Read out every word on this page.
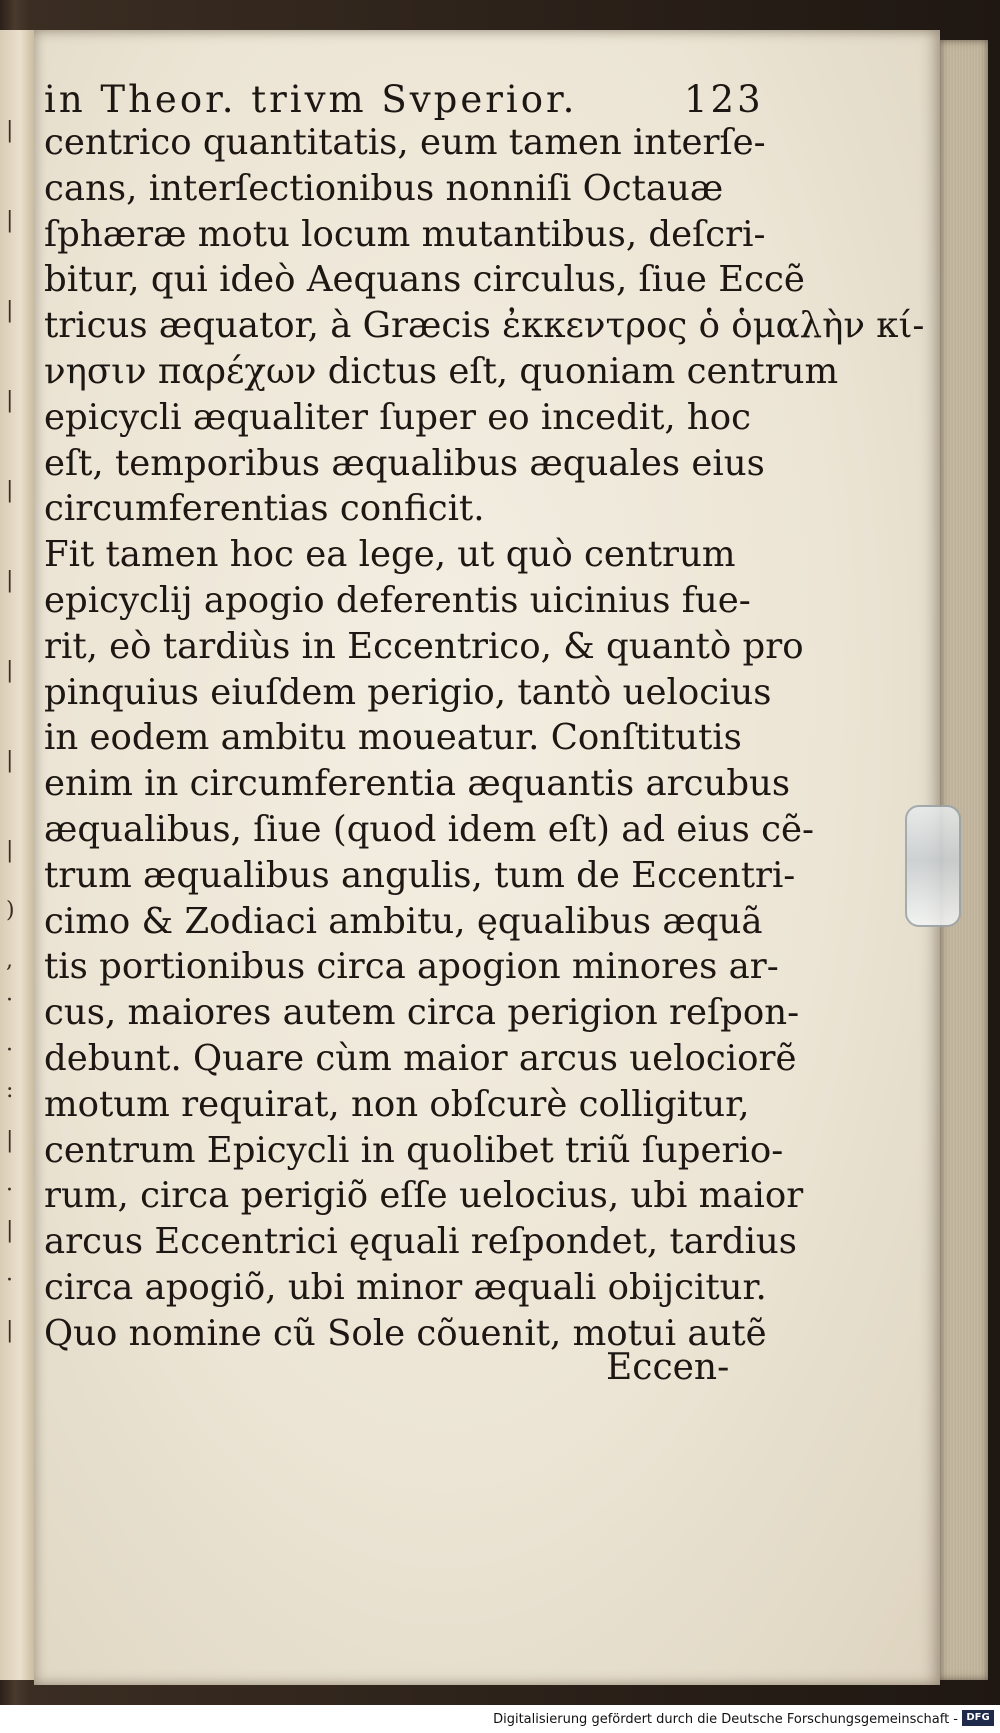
|
|
|
|
|
|
|
|
|
)
,
·
·
:
|
·
|
·
|
in Theor. trivm Svperior.	123
centrico quantitatis, eum tamen interſe-
cans, interſectionibus nonniſi Octauæ
ſphæræ motu locum mutantibus, deſcri-
bitur, qui ideò Aequans circulus, ſiue Eccẽ
tricus æquator, à Græcis ἐκκεντρος ὁ ὁμαλὴν κί-
νησιν παρέχων dictus eſt, quoniam centrum
epicycli æqualiter ſuper eo incedit, hoc
eſt, temporibus æqualibus æquales eius
circumferentias conficit.
Fit tamen hoc ea lege, ut quò centrum
epicyclij apogio deferentis uicinius fue-
rit, eò tardiùs in Eccentrico, & quantò pro
pinquius eiuſdem perigio, tantò uelocius
in eodem ambitu moueatur. Conſtitutis
enim in circumferentia æquantis arcubus
æqualibus, ſiue (quod idem eſt) ad eius cẽ-
trum æqualibus angulis, tum de Eccentri-
cimo & Zodiaci ambitu, ęqualibus æquã
tis portionibus circa apogion minores ar-
cus, maiores autem circa perigion reſpon-
debunt. Quare cùm maior arcus uelociorẽ
motum requirat, non obſcurè colligitur,
centrum Epicycli in quolibet triũ ſuperio-
rum, circa perigiõ eſſe uelocius, ubi maior
arcus Eccentrici ęquali reſpondet, tardius
circa apogiõ, ubi minor æquali obijcitur.
Quo nomine cũ Sole cõuenit, motui autẽ
Eccen-
Digitalisierung gefördert durch die Deutsche Forschungsgemeinschaft - DFG
